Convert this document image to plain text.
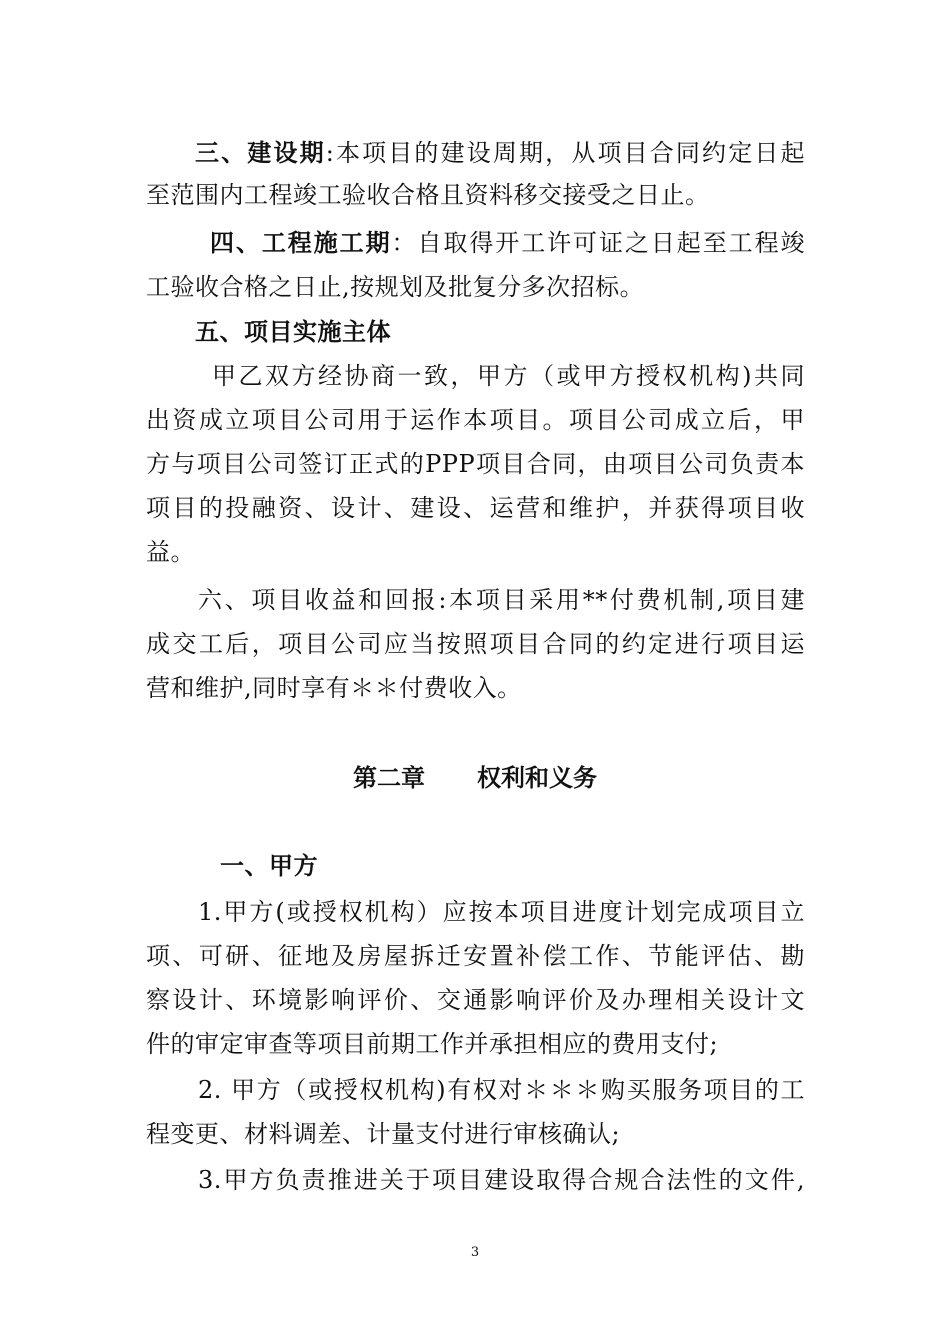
三、建设期:本项目的建设周期，从项目合同约定日起
至范围内工程竣工验收合格且资料移交接受之日止。
四、工程施工期：自取得开工许可证之日起至工程竣
工验收合格之日止,按规划及批复分多次招标。
五、项目实施主体
甲乙双方经协商一致，甲方（或甲方授权机构)共同
出资成立项目公司用于运作本项目。项目公司成立后，甲
方与项目公司签订正式的PPP项目合同，由项目公司负责本
项目的投融资、设计、建设、运营和维护，并获得项目收
益。
六、项目收益和回报:本项目采用**付费机制,项目建
成交工后，项目公司应当按照项目合同的约定进行项目运
营和维护,同时享有＊＊付费收入。
第二章 权利和义务
一、甲方
1.甲方(或授权机构）应按本项目进度计划完成项目立
项、可研、征地及房屋拆迁安置补偿工作、节能评估、勘
察设计、环境影响评价、交通影响评价及办理相关设计文
件的审定审查等项目前期工作并承担相应的费用支付;
2. 甲方（或授权机构)有权对＊＊＊购买服务项目的工
程变更、材料调差、计量支付进行审核确认;
3.甲方负责推进关于项目建设取得合规合法性的文件,
3
